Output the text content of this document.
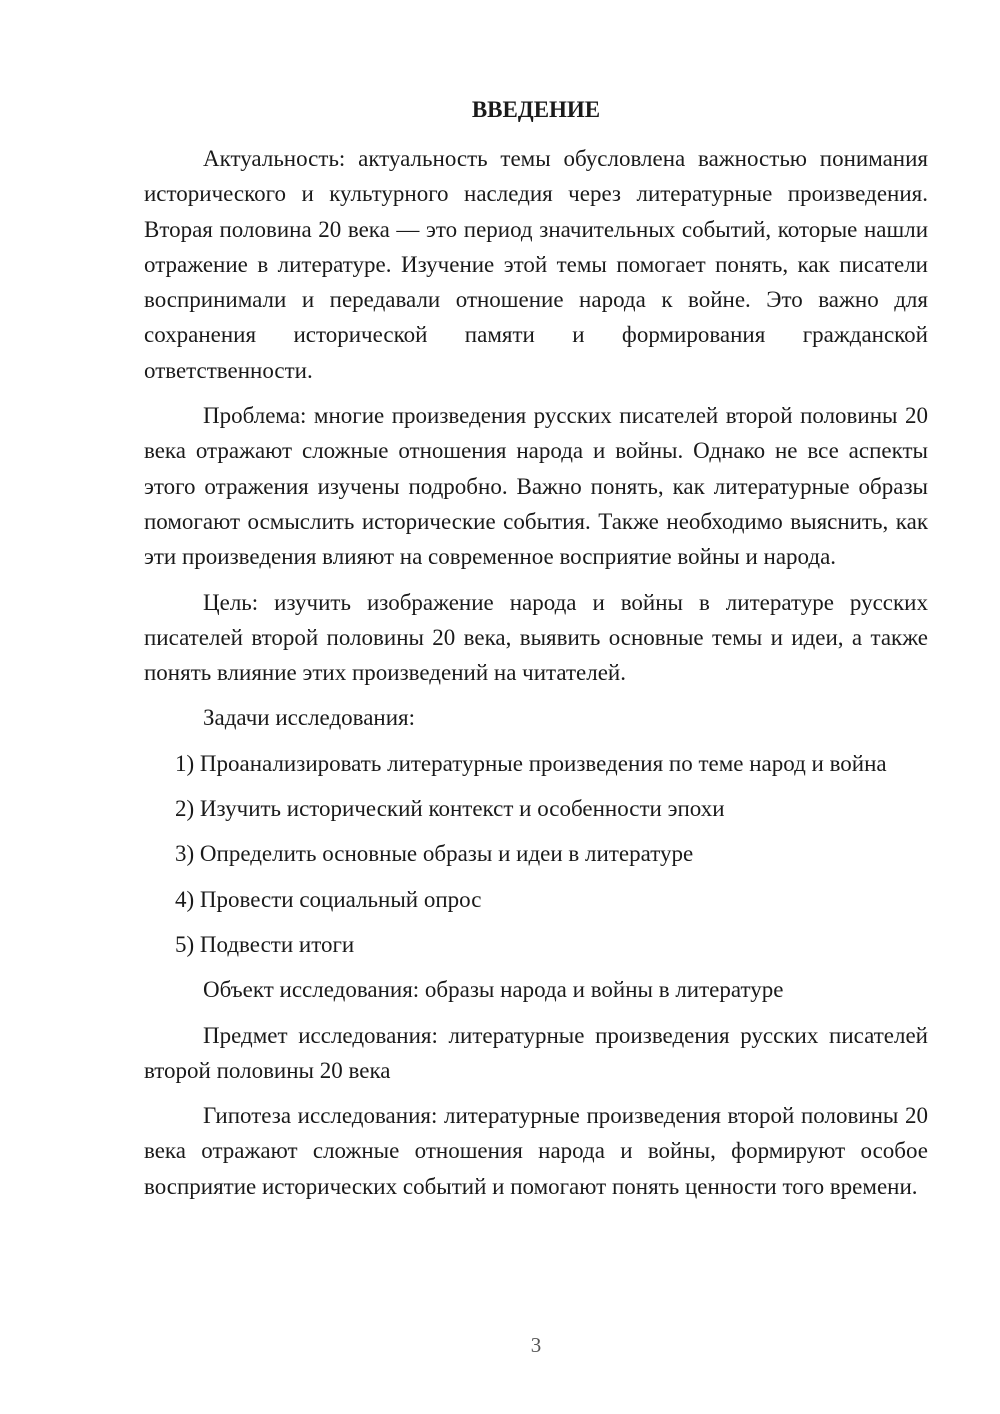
ВВЕДЕНИЕ

Актуальность: актуальность темы обусловлена важностью понимания исторического и культурного наследия через литературные произведения. Вторая половина 20 века — это период значительных событий, которые нашли отражение в литературе. Изучение этой темы помогает понять, как писатели воспринимали и передавали отношение народа к войне. Это важно для сохранения исторической памяти и формирования гражданской ответственности.

Проблема: многие произведения русских писателей второй половины 20 века отражают сложные отношения народа и войны. Однако не все аспекты этого отражения изучены подробно. Важно понять, как литературные образы помогают осмыслить исторические события. Также необходимо выяснить, как эти произведения влияют на современное восприятие войны и народа.

Цель: изучить изображение народа и войны в литературе русских писателей второй половины 20 века, выявить основные темы и идеи, а также понять влияние этих произведений на читателей.

Задачи исследования:

1) Проанализировать литературные произведения по теме народ и война

2) Изучить исторический контекст и особенности эпохи

3) Определить основные образы и идеи в литературе

4) Провести социальный опрос

5) Подвести итоги

Объект исследования: образы народа и войны в литературе

Предмет исследования: литературные произведения русских писателей второй половины 20 века

Гипотеза исследования: литературные произведения второй половины 20 века отражают сложные отношения народа и войны, формируют особое восприятие исторических событий и помогают понять ценности того времени.

3
